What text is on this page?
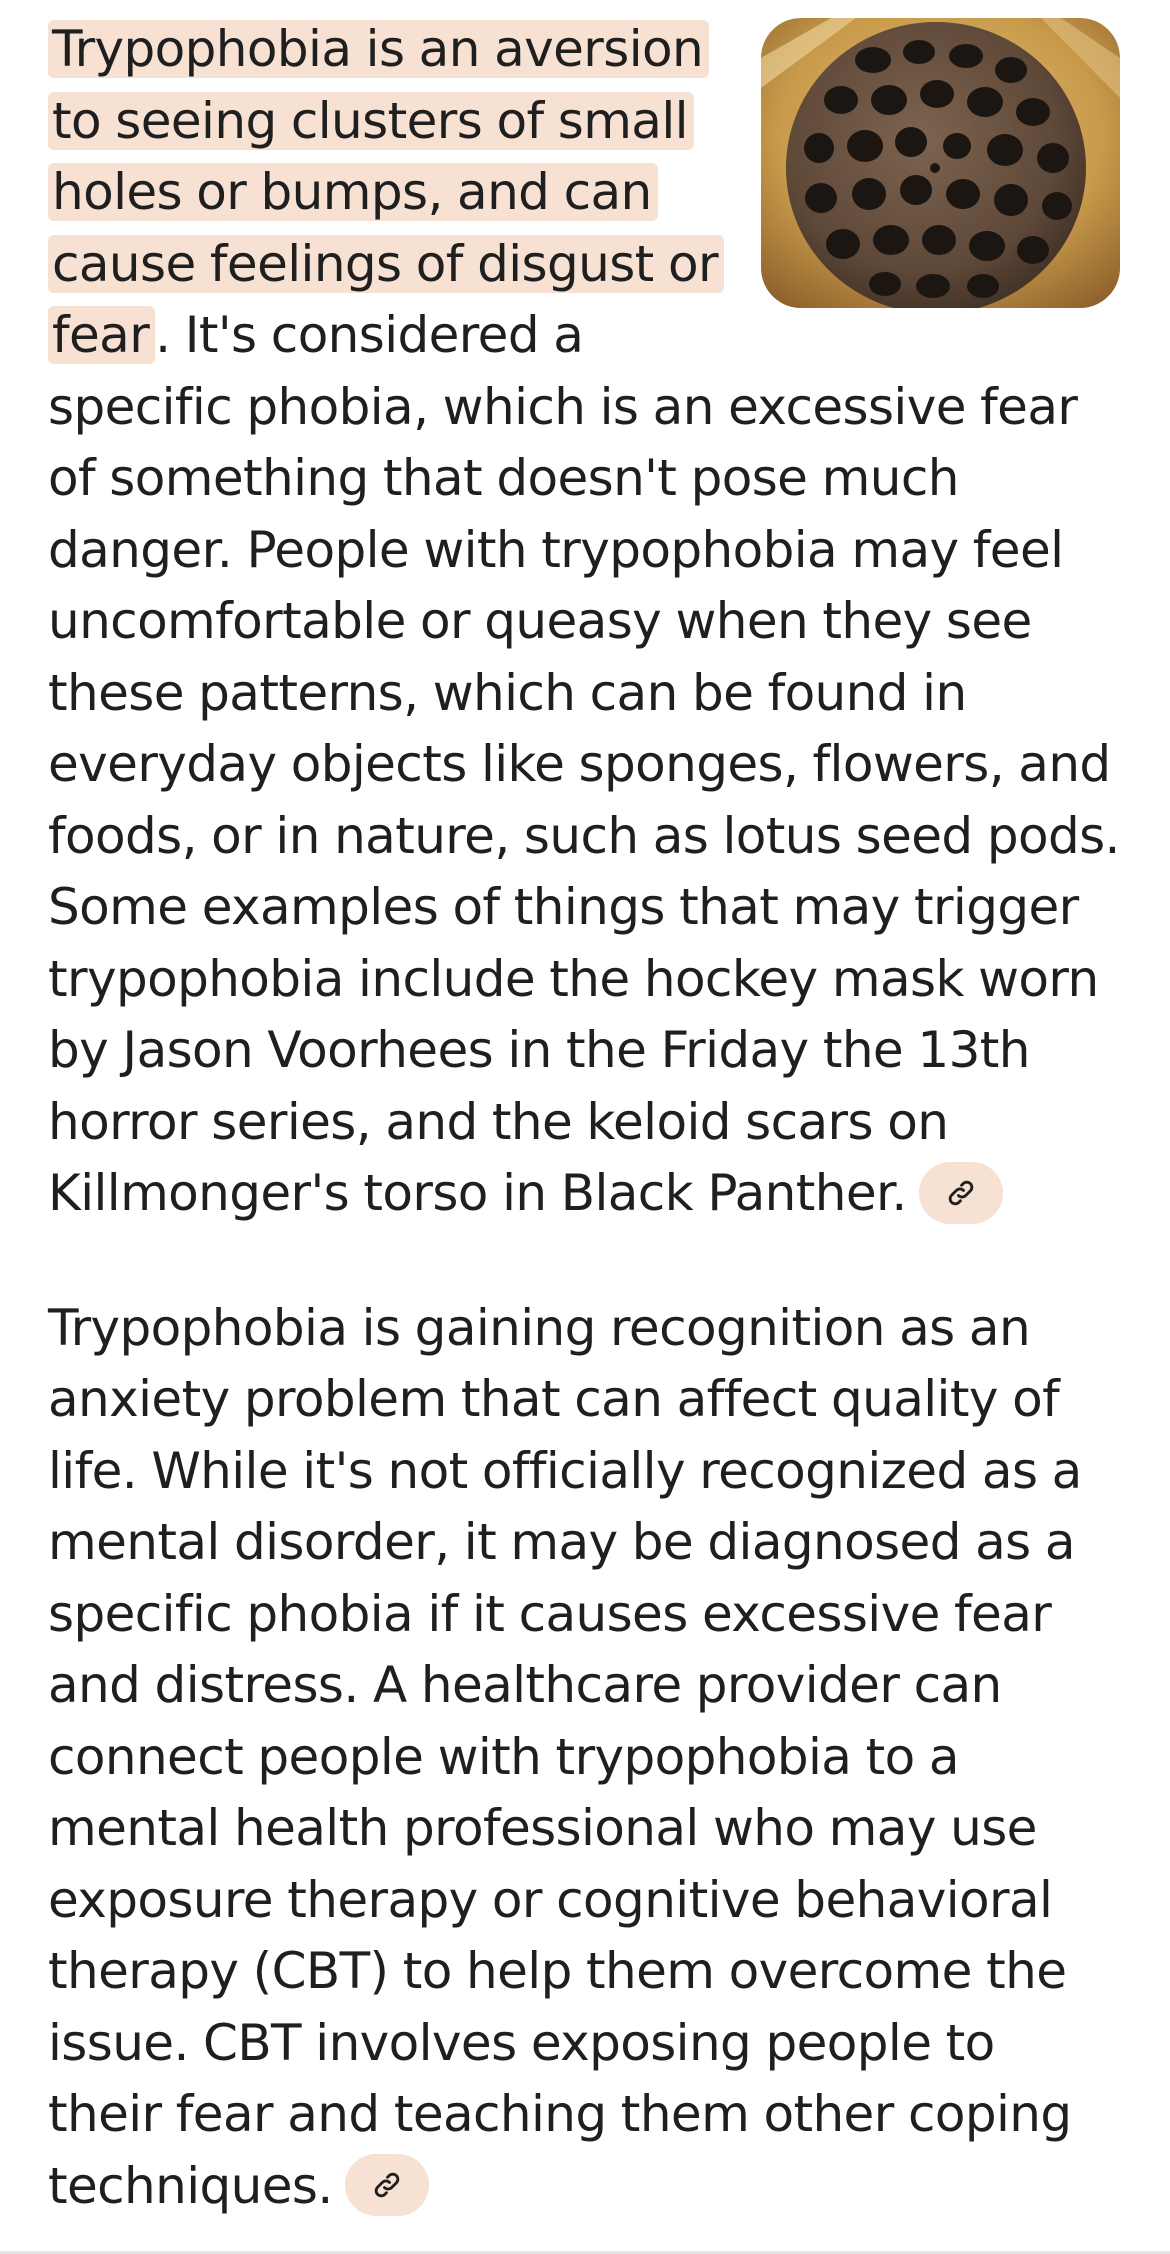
Trypophobia is an aversion to seeing clusters of small holes or bumps, and can cause feelings of disgust or fear . It's considered a specific phobia, which is an excessive fear of something that doesn't pose much danger. People with trypophobia may feel uncomfortable or queasy when they see these patterns, which can be found in everyday objects like sponges, flowers, and foods, or in nature, such as lotus seed pods. Some examples of things that may trigger trypophobia include the hockey mask worn by Jason Voorhees in the Friday the 13th horror series, and the keloid scars on Killmonger's torso in Black Panther.

Trypophobia is gaining recognition as an anxiety problem that can affect quality of life. While it's not officially recognized as a mental disorder, it may be diagnosed as a specific phobia if it causes excessive fear and distress. A healthcare provider can connect people with trypophobia to a mental health professional who may use exposure therapy or cognitive behavioral therapy (CBT) to help them overcome the issue. CBT involves exposing people to their fear and teaching them other coping techniques.
